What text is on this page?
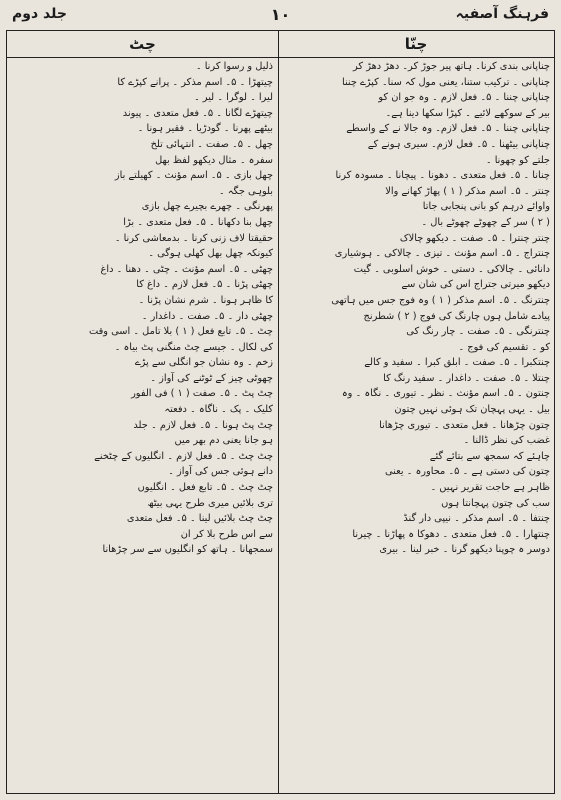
فرہنگ آصفیہ
۱۰
جلد دوم
چنّا
چٹ
چناپانی بندی کرنا۔ ہاتھ پیر جوڑ کر۔ دھڑ دھڑ کر
چناپانی ۔ ترکیب ستنا، یعنی مول کہ سنا۔ کپڑے چننا
چناپانی چننا ۔ ۵۔ فعل لازم ۔ وہ جو ان کو
بیر کے سوکھے لائیے ۔ کپڑا سکھا دینا ہے۔
چناپانی چننا ۔ ۵۔ فعل لازم۔ وہ جالا نے کے واسطے
چناپانی بیٹھنا ۔ ۵۔ فعل لازم۔ سیری ہونے کے
جلتے کو چھونا ۔
چنانا ۔ ۵۔ فعل متعدی ۔ دھونا ۔ پیچانا ۔ مسودہ کرنا
چنتر ۔ ۵۔ اسم مذکر ( ۱ ) پھاڑ کھانے والا
واوائے درہم کو بانی پنجابی جاتا
( ۲ ) سر کے چھوٹے چھوٹے بال ۔
چنتر چنترا ۔ ۵۔ صفت ۔ دیکھو چالاک
چنتراج ۔ ۵۔ اسم مؤنث ۔ تیزی ۔ چالاکی ۔ ہوشیاری
دانائی ۔ چالاکی ۔ دستی ۔ خوش اسلوبی ۔ گیت
دیکھو میرتی جتراج اس کی شان سے
چنترنگ ۔ ۵۔ اسم مذکر ( ۱ ) وہ فوج جس میں ہاتھی
پیادے شامل ہوں چارنگ کی فوج ( ۲ ) شطرنج
چنترنگی ۔ ۵۔ صفت ۔ چار رنگ کی
کو ۔ تقسیم کی فوج ۔
چنتکبرا ۔ ۵۔ صفت ۔ ابلق کبرا ۔ سفید و کالے
چنتلا ۔ ۵۔ صفت ۔ داغدار ۔ سفید رنگ کا
چنتون ۔ ۵۔ اسم مؤنث ۔ نظر ۔ تیوری ۔ نگاہ ۔ وہ
بیل ۔ یہی پہچان تک ہوئی نہیں چتون
چتون چڑھانا ۔ فعل متعدی ۔ تیوری چڑھانا
غضب کی نظر ڈالنا ۔
چاہئے کہ سمجھ سے بتائے گئے
چتون کی دستی ہے ۔ ۵۔ محاورہ ۔ یعنی
ظاہر ہے حاجت تقریر نہیں ۔
سب کی چتون پہچانتا ہوں
چنتفا ۔ ۵۔ اسم مذکر ۔ نیپی دار گنڈ
چنتھارا ۔ ۵۔ فعل متعدی ۔ دھوکا ہ پھاڑنا ۔ چیرنا
دوسر ہ چوپنا دیکھو گرنا ۔ خبر لینا ۔ بیری
ذلیل و رسوا کرنا ۔
چیتھڑا ۔ ۵۔ اسم مذکر ۔ پرانے کپڑے کا
لیرا ۔ لوگرا ۔ لیر ۔
چیتھڑے لگانا ۔ ۵۔ فعل متعدی ۔ پیوند
بیٹھے پھرنا ۔ گودڑیا ۔ فقیر ہونا ۔
چھل ۔ ۵۔ صفت ۔ انتہائی تلخ
سفرہ ۔ مثال دیکھو لفظ بھل
چھل بازی ۔ ۵۔ اسم مؤنث ۔ کھیلتے باز
بلوہی جگہ ۔
پھرنگی ۔ چھرے بچیرے چھل بازی
چھل بنا دکھانا ۔ ۵۔ فعل متعدی ۔ بڑا
حقیقتا لاف زنی کرنا ۔ بدمعاشی کرنا ۔
کیونکہ چھل بھل کھلی ہوگی ۔
چھٹی ۔ ۵۔ اسم مؤنث ۔ چٹی ۔ دھنا ۔ داغ
چھٹی پڑنا ۔ ۵۔ فعل لازم ۔ داغ کا
کا ظاہر ہونا ۔ شرم نشان پڑنا ۔
چھٹی دار ۔ ۵۔ صفت ۔ داغدار ۔
چٹ ۔ ۵۔ تابع فعل ( ۱ ) بلا تامل ۔ اسی وقت
کی لکال ۔ جیسے چٹ منگنی پٹ بیاہ ۔
زخم ۔ وہ نشان جو انگلی سے پڑے
چھوٹی چیز کے ٹوٹنے کی آواز ۔
چٹ پٹ ۔ ۵۔ صفت ( ۱ ) فی الفور
کلیک ۔ پک ۔ ناگاہ ۔ دفعتہ
چٹ پٹ ہونا ۔ ۵۔ فعل لازم ۔ جلد
ہو جانا یعنی دم بھر میں
چٹ چٹ ۔ ۵۔ فعل لازم ۔ انگلیوں کے چٹخنے
دانے ہوئی جس کی آواز ۔
چٹ چٹ ۔ ۵۔ تابع فعل ۔ انگلیوں
تری بلائیں میری طرح یہی بیٹھ
چٹ چٹ بلائیں لینا ۔ ۵۔ فعل متعدی
سے اس طرح بلا کر ان
سمجھانا ۔ ہاتھ کو انگلیوں سے سر چڑھانا
